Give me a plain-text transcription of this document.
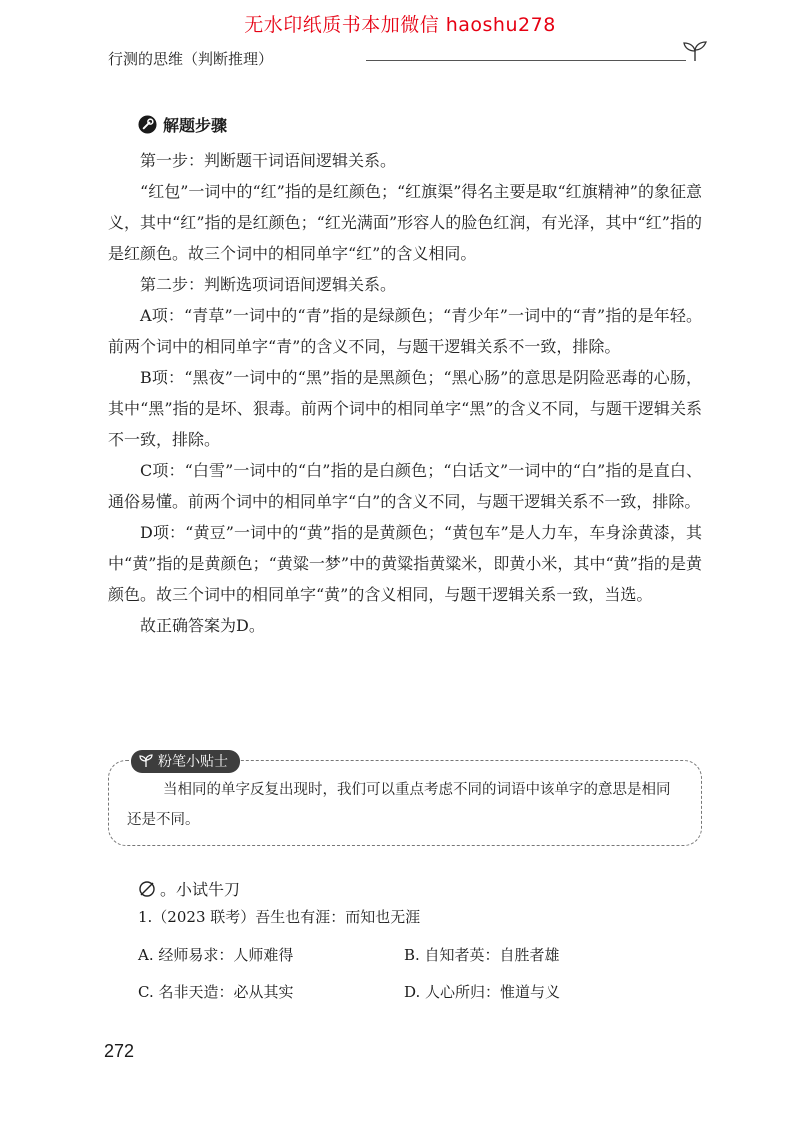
无水印纸质书本加微信 haoshu278
行测的思维（判断推理）
解题步骤

第一步：判断题干词语间逻辑关系。

“红包”一词中的“红”指的是红颜色；“红旗渠”得名主要是取“红旗精神”的象征意义，其中“红”指的是红颜色；“红光满面”形容人的脸色红润，有光泽，其中“红”指的是红颜色。故三个词中的相同单字“红”的含义相同。

第二步：判断选项词语间逻辑关系。

A项：“青草”一词中的“青”指的是绿颜色；“青少年”一词中的“青”指的是年轻。前两个词中的相同单字“青”的含义不同，与题干逻辑关系不一致，排除。

B项：“黑夜”一词中的“黑”指的是黑颜色；“黑心肠”的意思是阴险恶毒的心肠，其中“黑”指的是坏、狠毒。前两个词中的相同单字“黑”的含义不同，与题干逻辑关系不一致，排除。

C项：“白雪”一词中的“白”指的是白颜色；“白话文”一词中的“白”指的是直白、通俗易懂。前两个词中的相同单字“白”的含义不同，与题干逻辑关系不一致，排除。

D项：“黄豆”一词中的“黄”指的是黄颜色；“黄包车”是人力车，车身涂黄漆，其中“黄”指的是黄颜色；“黄粱一梦”中的黄粱指黄粱米，即黄小米，其中“黄”指的是黄颜色。故三个词中的相同单字“黄”的含义相同，与题干逻辑关系一致，当选。

故正确答案为D。

粉笔小贴士

当相同的单字反复出现时，我们可以重点考虑不同的词语中该单字的意思是相同还是不同。

。小试牛刀
1.（2023 联考）吾生也有涯：而知也无涯
A. 经师易求：人师难得	B. 自知者英：自胜者雄
C. 名非天造：必从其实	D. 人心所归：惟道与义
272
